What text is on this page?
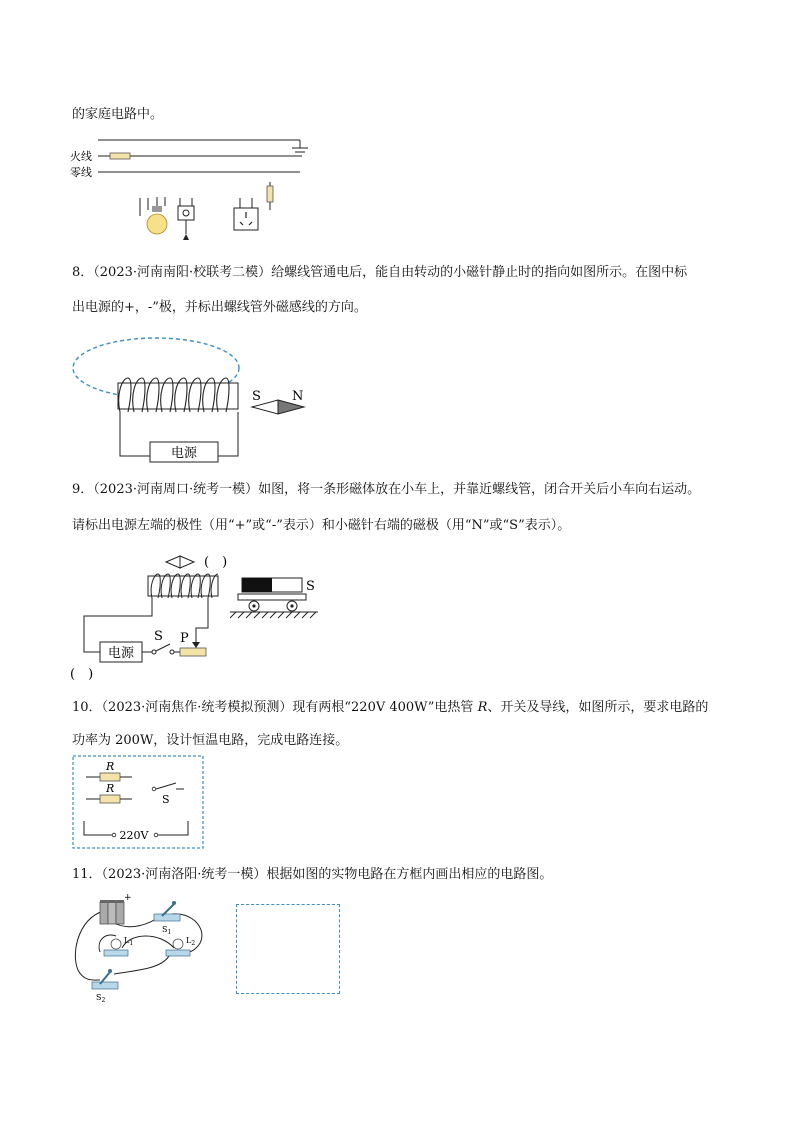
的家庭电路中。
火线
零线
8．（2023·河南南阳·校联考二模）给螺线管通电后，能自由转动的小磁针静止时的指向如图所示。在图中标
出电源的+，-”极，并标出螺线管外磁感线的方向。
电源
S N
9．（2023·河南周口·统考一模）如图，将一条形磁体放在小车上，并靠近螺线管，闭合开关后小车向右运动。
请标出电源左端的极性（用“+”或“-”表示）和小磁针右端的磁极（用“N”或“S”表示）。
(　)
电源
S P
(　)
S
10．（2023·河南焦作·统考模拟预测）现有两根“220V 400W”电热管 R、开关及导线，如图所示，要求电路的
功率为 200W，设计恒温电路，完成电路连接。
R
R
S
220V
11．（2023·河南洛阳·统考一模）根据如图的实物电路在方框内画出相应的电路图。
+
$S_1$
$L_1$	$L_2$
$S_2$
